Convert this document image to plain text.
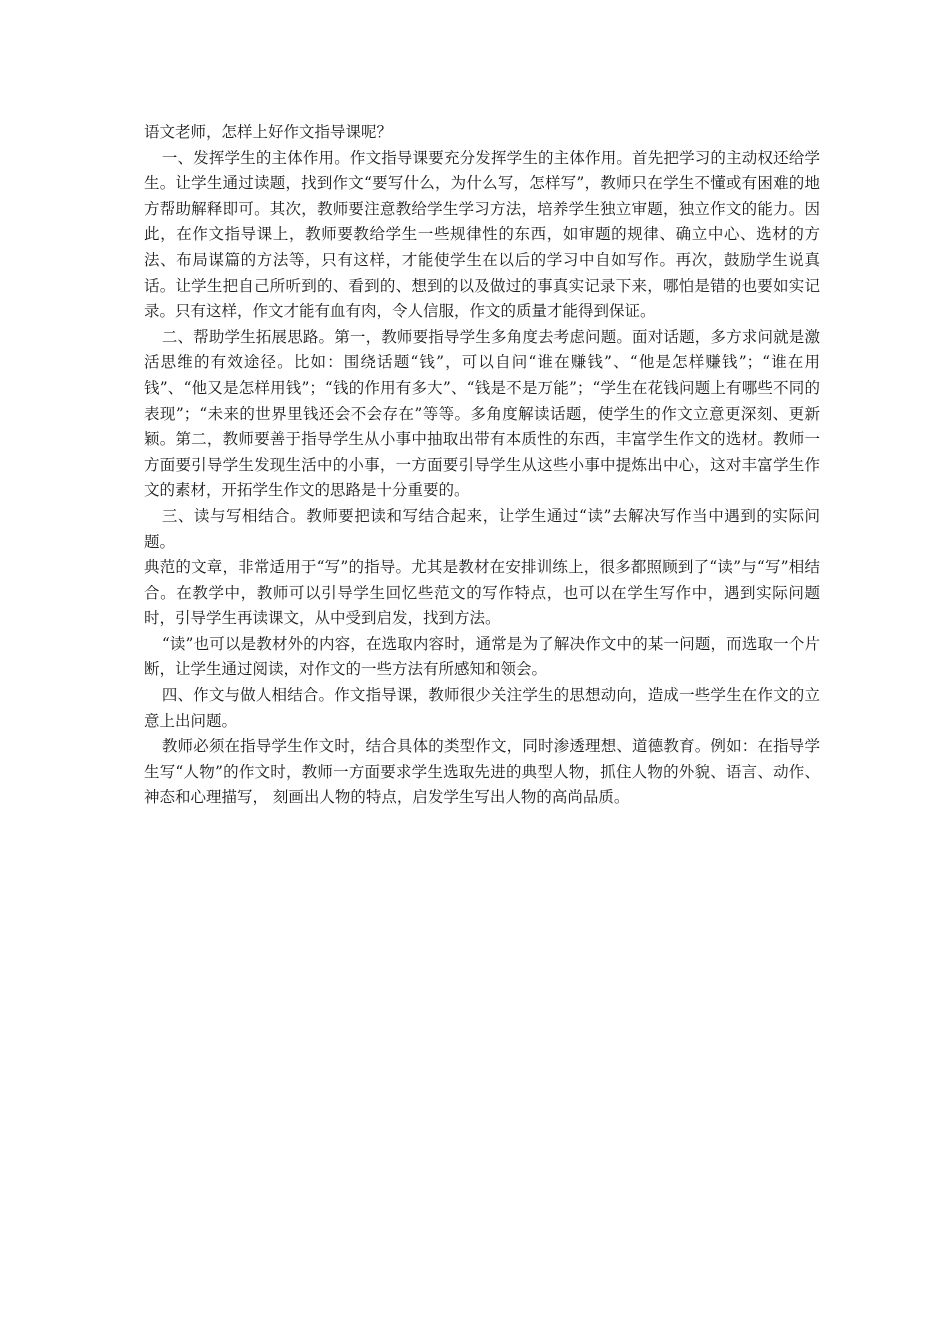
语文老师，怎样上好作文指导课呢？

一、发挥学生的主体作用。作文指导课要充分发挥学生的主体作用。首先把学习的主动权还给学生。让学生通过读题，找到作文“要写什么，为什么写，怎样写”，教师只在学生不懂或有困难的地方帮助解释即可。其次，教师要注意教给学生学习方法，培养学生独立审题，独立作文的能力。因此，在作文指导课上，教师要教给学生一些规律性的东西，如审题的规律、确立中心、选材的方法、布局谋篇的方法等，只有这样，才能使学生在以后的学习中自如写作。再次，鼓励学生说真话。让学生把自己所听到的、看到的、想到的以及做过的事真实记录下来，哪怕是错的也要如实记录。只有这样，作文才能有血有肉，令人信服，作文的质量才能得到保证。

二、帮助学生拓展思路。第一，教师要指导学生多角度去考虑问题。面对话题，多方求问就是激活思维的有效途径。比如：围绕话题“钱”，可以自问“谁在赚钱”、“他是怎样赚钱”；“谁在用钱”、“他又是怎样用钱”；“钱的作用有多大”、“钱是不是万能”；“学生在花钱问题上有哪些不同的表现”；“未来的世界里钱还会不会存在”等等。多角度解读话题，使学生的作文立意更深刻、更新颖。第二，教师要善于指导学生从小事中抽取出带有本质性的东西，丰富学生作文的选材。教师一方面要引导学生发现生活中的小事，一方面要引导学生从这些小事中提炼出中心，这对丰富学生作文的素材，开拓学生作文的思路是十分重要的。

三、读与写相结合。教师要把读和写结合起来，让学生通过“读”去解决写作当中遇到的实际问题。

典范的文章，非常适用于“写”的指导。尤其是教材在安排训练上，很多都照顾到了“读”与“写”相结合。在教学中，教师可以引导学生回忆些范文的写作特点，也可以在学生写作中，遇到实际问题时，引导学生再读课文，从中受到启发，找到方法。

“读”也可以是教材外的内容，在选取内容时，通常是为了解决作文中的某一问题，而选取一个片断，让学生通过阅读，对作文的一些方法有所感知和领会。

四、作文与做人相结合。作文指导课，教师很少关注学生的思想动向，造成一些学生在作文的立意上出问题。

教师必须在指导学生作文时，结合具体的类型作文，同时渗透理想、道德教育。例如：在指导学生写“人物”的作文时，教师一方面要求学生选取先进的典型人物，抓住人物的外貌、语言、动作、神态和心理描写， 刻画出人物的特点，启发学生写出人物的高尚品质。
